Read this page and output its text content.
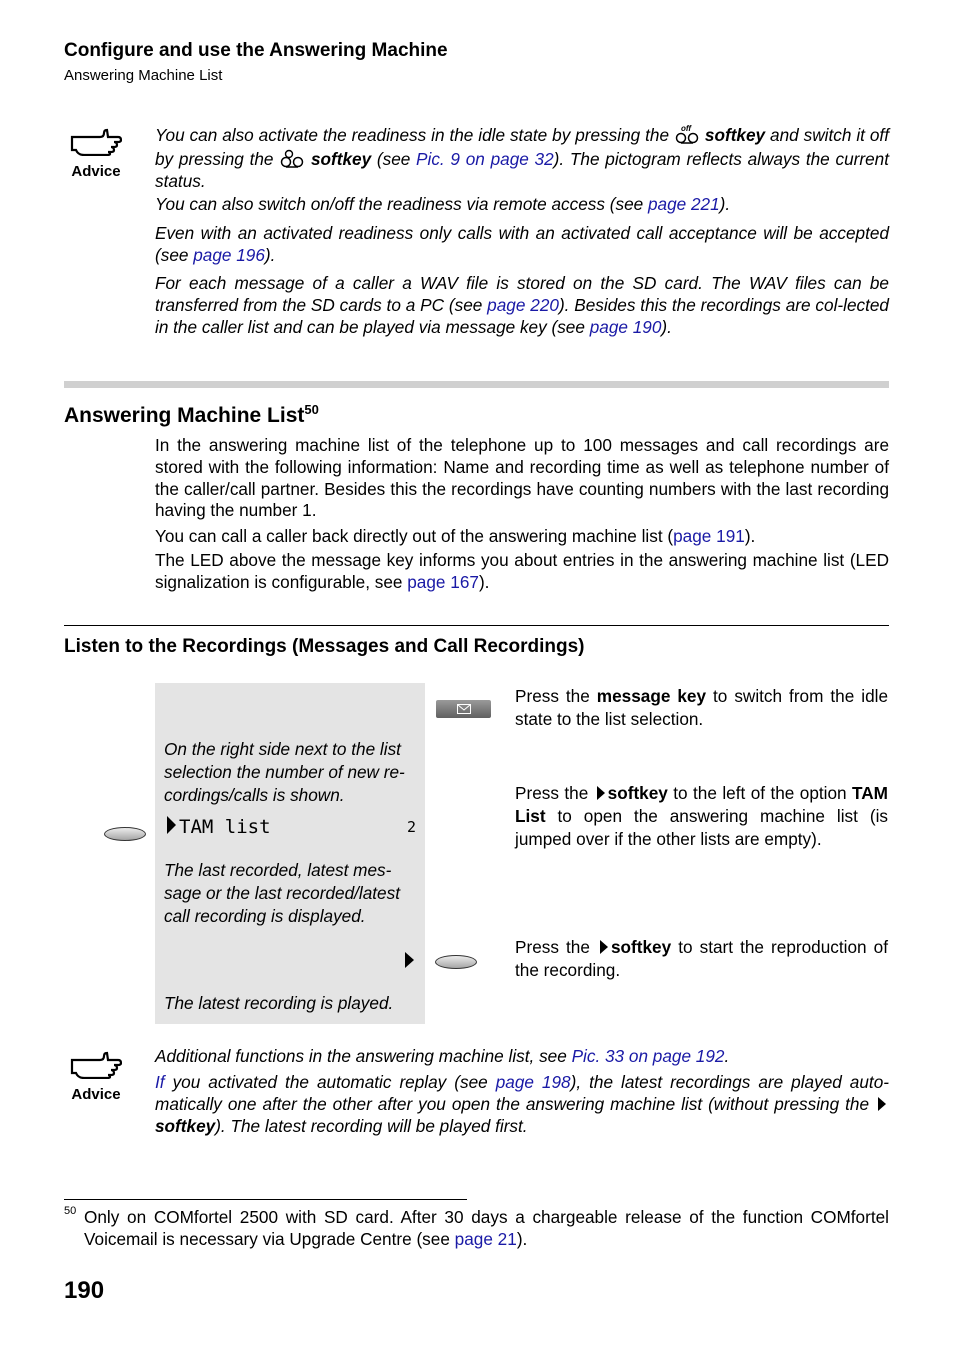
Configure and use the Answering Machine
Answering Machine List
Advice
You can also activate the readiness in the idle state by pressing the off softkey and switch it off by pressing the softkey (see Pic. 9 on page 32). The pictogram reflects always the current status.
You can also switch on/off the readiness via remote access (see page 221).
Even with an activated readiness only calls with an activated call acceptance will be accepted (see page 196).
For each message of a caller a WAV file is stored on the SD card. The WAV files can be transferred from the SD cards to a PC (see page 220). Besides this the recordings are col-lected in the caller list and can be played via message key (see page 190).
Answering Machine List$^{50}$
In the answering machine list of the telephone up to 100 messages and call recordings are stored with the following information: Name and recording time as well as telephone number of the caller/call partner. Besides this the recordings have counting numbers with the last recording having the number 1.
You can call a caller back directly out of the answering machine list (page 191).
The LED above the message key informs you about entries in the answering machine list (LED signalization is configurable, see page 167).
Listen to the Recordings (Messages and Call Recordings)
On the right side next to the list selection the number of new re-cordings/calls is shown.
TAM list	2
The last recorded, latest mes-sage or the last recorded/latest call recording is displayed.
The latest recording is played.
Press the message key to switch from the idle state to the list selection.
Press the softkey to the left of the option TAM List to open the answering machine list (is jumped over if the other lists are empty).
Press the softkey to start the reproduction of the recording.
Advice
Additional functions in the answering machine list, see Pic. 33 on page 192.
If you activated the automatic replay (see page 198), the latest recordings are played auto-matically one after the other after you open the answering machine list (without pressing the softkey). The latest recording will be played first.
50 Only on COMfortel 2500 with SD card. After 30 days a chargeable release of the function COMfortel Voicemail is necessary via Upgrade Centre (see page 21).
190
